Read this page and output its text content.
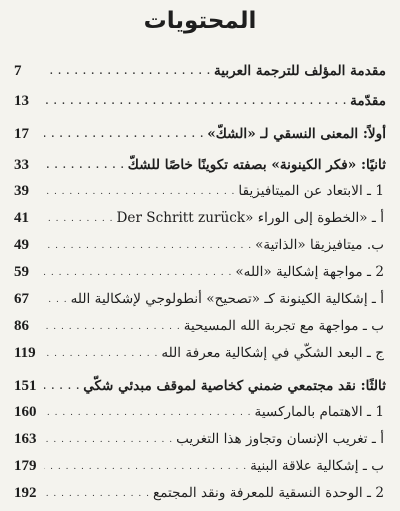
المحتويات
مقدمة المؤلف للترجمة العربية
. . .
7
مقدّمة
. . .
13
أولاً: المعنى النسقي لـ «الشكّ»
. . .
17
ثانيًا: «فكر الكينونة» بصفته تكوينًا خاصًا للشكّ
. . .
33
1 ـ الابتعاد عن الميتافيزيقا
. . .
39
أ ـ «الخطوة إلى الوراء «Der Schritt zurück
. . .
41
ب. ميتافيزيقا «الذاتية»
. . .
49
2 ـ مواجهة إشكالية «الله»
. . .
59
أ ـ إشكالية الكينونة كـ «تصحيح» أنطولوجي لإشكالية الله
. . .
67
ب ـ مواجهة مع تجربة الله المسيحية
. . .
86
ج ـ البعد الشكّي في إشكالية معرفة الله
. . .
119
ثالثًا: نقد مجتمعي ضمني كخاصية لموقف مبدئي شكّي
. . .
151
1 ـ الاهتمام بالماركسية
. . .
160
أ ـ تغريب الإنسان وتجاوز هذا التغريب
. . .
163
ب ـ إشكالية علاقة البنية
. . .
179
2 ـ الوحدة النسقية للمعرفة ونقد المجتمع
. . .
192
